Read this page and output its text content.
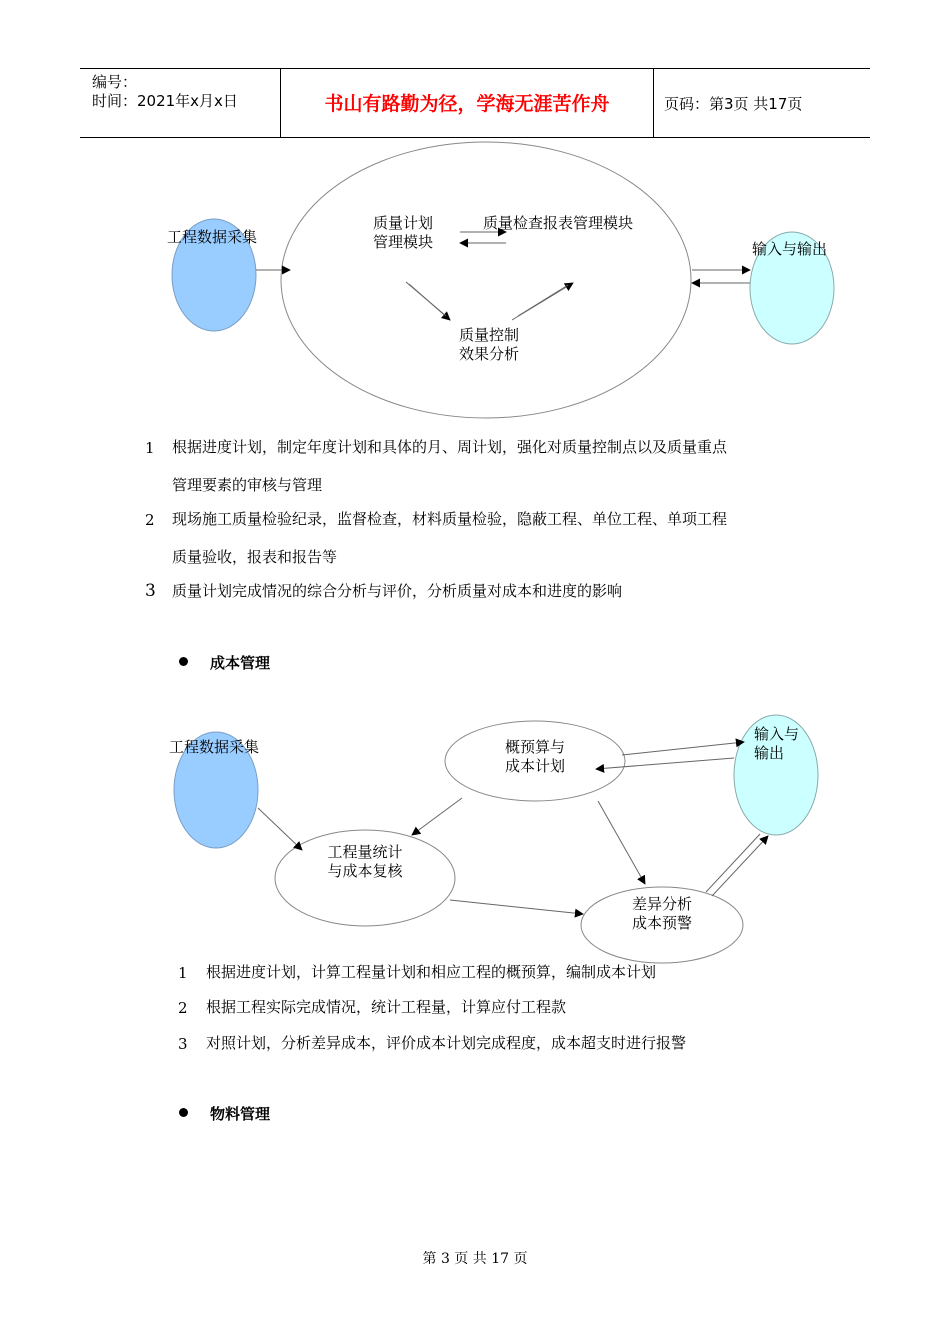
编号：
时间：2021年x月x日	书山有路勤为径，学海无涯苦作舟	页码：第3页 共17页
工程数据采集
质量计划
管理模块
质量检查报表管理模块
质量控制
效果分析
输入与输出
1 根据进度计划，制定年度计划和具体的月、周计划，强化对质量控制点以及质量重点
管理要素的审核与管理
2 现场施工质量检验纪录，监督检查，材料质量检验，隐蔽工程、单位工程、单项工程
质量验收，报表和报告等
3 质量计划完成情况的综合分析与评价，分析质量对成本和进度的影响
成本管理
工程数据采集	概预算与
成本计划
输入与
输出
工程量统计
与成本复核
差异分析
成本预警
1 根据进度计划，计算工程量计划和相应工程的概预算，编制成本计划
2 根据工程实际完成情况，统计工程量，计算应付工程款
3 对照计划，分析差异成本，评价成本计划完成程度，成本超支时进行报警
物料管理
第 3 页 共 17 页
